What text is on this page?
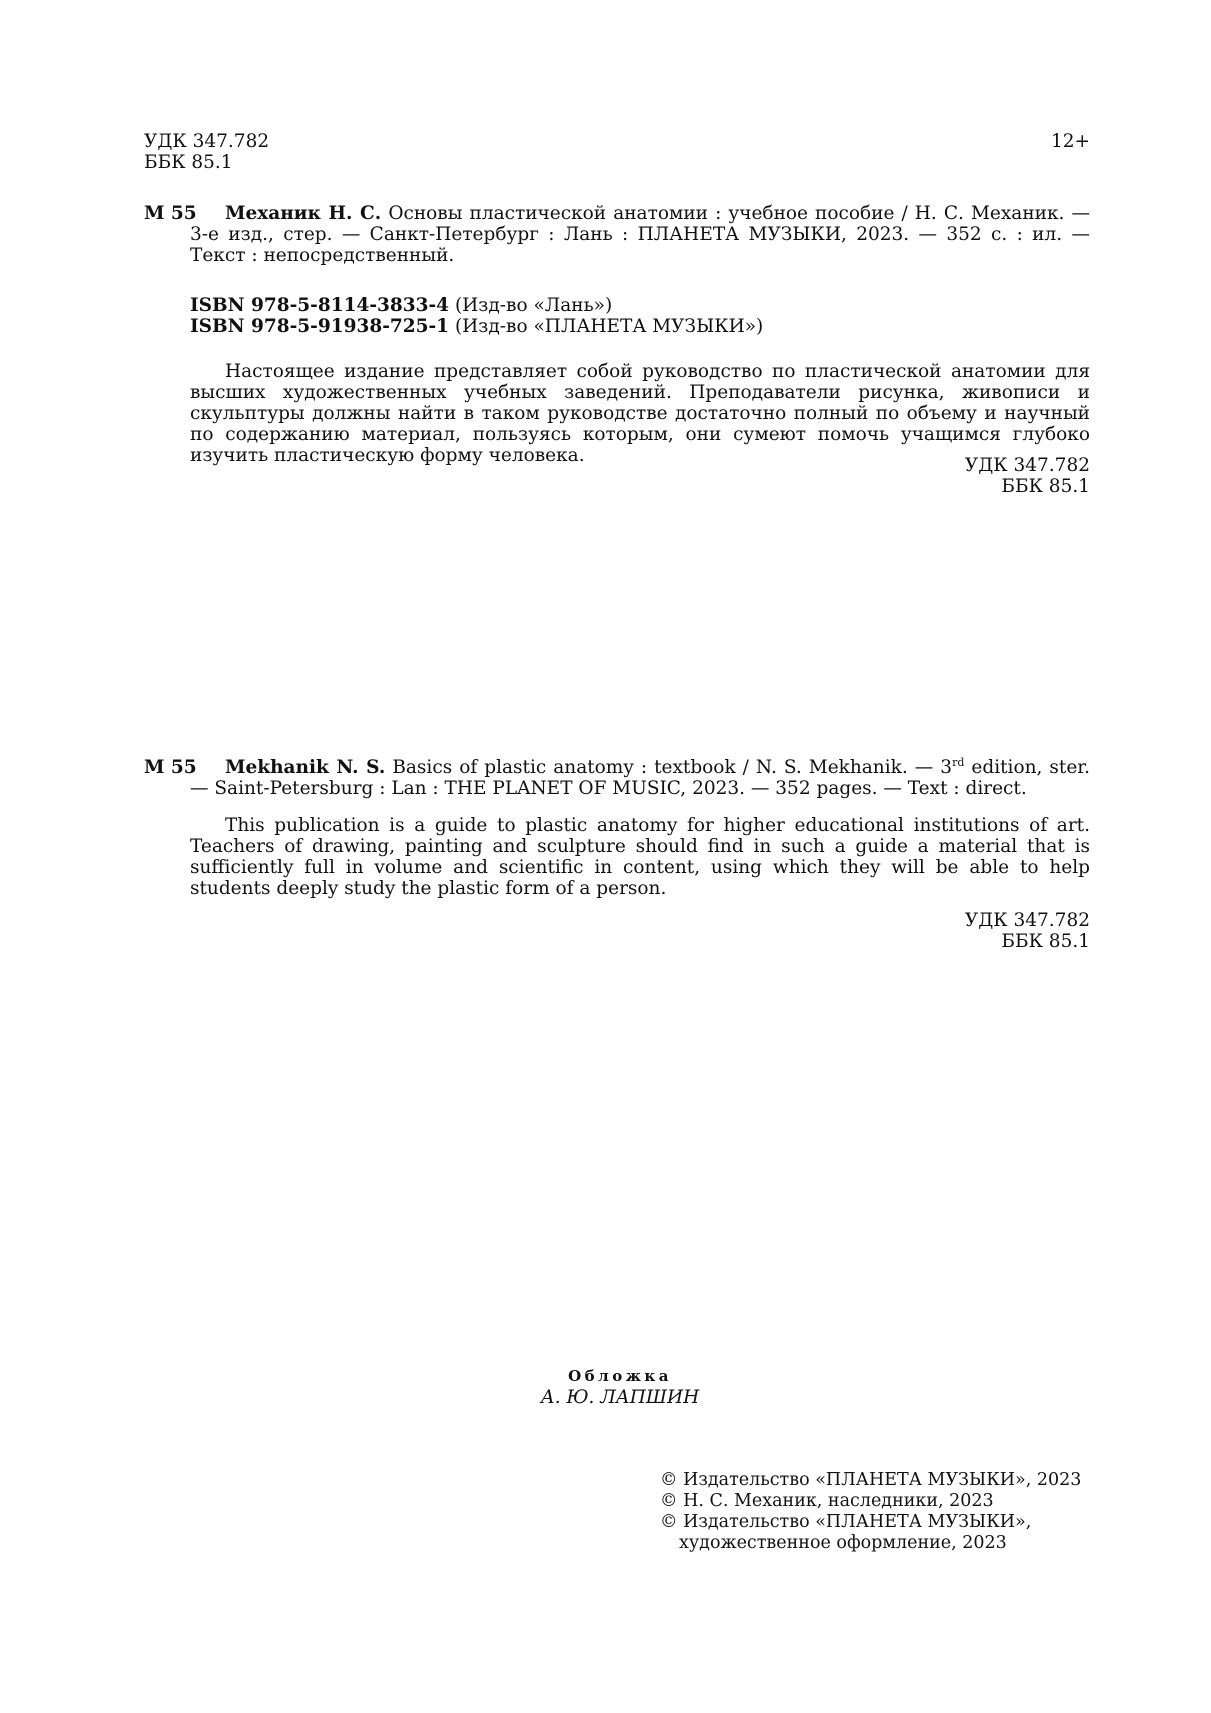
УДК 347.782

ББК 85.1

12+
М 55	Механик Н. С. Основы пластической анатомии : учебное пособие / Н. С. Механик. — 3-е изд., стер. — Санкт-Петербург : Лань : ПЛАНЕТА МУЗЫКИ, 2023. — 352 с. : ил. — Текст : непосредственный.

ISBN 978-5-8114-3833-4 (Изд-во «Лань»)

ISBN 978-5-91938-725-1 (Изд-во «ПЛАНЕТА МУЗЫКИ»)

Настоящее издание представляет собой руководство по пластической анатомии для высших художественных учебных заведений. Преподаватели рисунка, живописи и скульптуры должны найти в таком руководстве достаточно полный по объему и научный по содержанию материал, пользуясь которым, они сумеют помочь учащимся глубоко изучить пластическую форму человека.	УДК 347.782

ББК 85.1

M 55	Mekhanik N. S. Basics of plastic anatomy : textbook / N. S. Mekhanik. — 3rd edition, ster. — Saint-Petersburg : Lan : THE PLANET OF MUSIC, 2023. — 352 pages. — Text : direct.
This publication is a guide to plastic anatomy for higher educational institutions of art. Teachers of drawing, painting and sculpture should find in such a guide a material that is sufficiently full in volume and scientific in content, using which they will be able to help students deeply study the plastic form of a person.

УДК 347.782

ББК 85.1

Обложка

А. Ю. ЛАПШИН

© Издательство «ПЛАНЕТА МУЗЫКИ», 2023

© Н. С. Механик, наследники, 2023

© Издательство «ПЛАНЕТА МУЗЫКИ»,

художественное оформление, 2023
